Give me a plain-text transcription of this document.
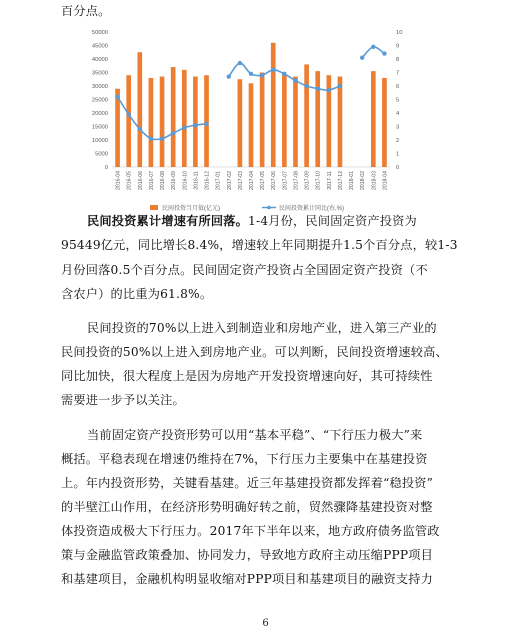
百分点。
0
5000
10000
15000
20000
25000
30000
35000
40000
45000
50000
0
1
2
3
4
5
6
7
8
9
10
2016-04 2016-05 2016-06 2016-07 2016-08 2016-09 2016-10 2016-11 2016-12 2017-01 2017-02 2017-03 2017-04 2017-05 2017-06 2017-07 2017-08 2017-09 2017-10 2017-11 2017-12 2018-01 2018-02 2018-03 2018-04
民间投资当月值(亿元)	民间投资累计同比(右,%)
民间投资累计增速有所回落。1-4月份，民间固定资产投资为
95449亿元，同比增长8.4%，增速较上年同期提升1.5个百分点，较1-3
月份回落0.5个百分点。民间固定资产投资占全国固定资产投资（不
含农户）的比重为61.8%。
民间投资的70%以上进入到制造业和房地产业，进入第三产业的
民间投资的50%以上进入到房地产业。可以判断，民间投资增速较高、
同比加快，很大程度上是因为房地产开发投资增速向好，其可持续性
需要进一步予以关注。
当前固定资产投资形势可以用“基本平稳”、“下行压力极大”来
概括。平稳表现在增速仍维持在7%，下行压力主要集中在基建投资
上。年内投资形势，关键看基建。近三年基建投资都发挥着“稳投资”
的半壁江山作用，在经济形势明确好转之前，贸然骤降基建投资对整
体投资造成极大下行压力。2017年下半年以来，地方政府债务监管政
策与金融监管政策叠加、协同发力，导致地方政府主动压缩PPP项目
和基建项目，金融机构明显收缩对PPP项目和基建项目的融资支持力
6
